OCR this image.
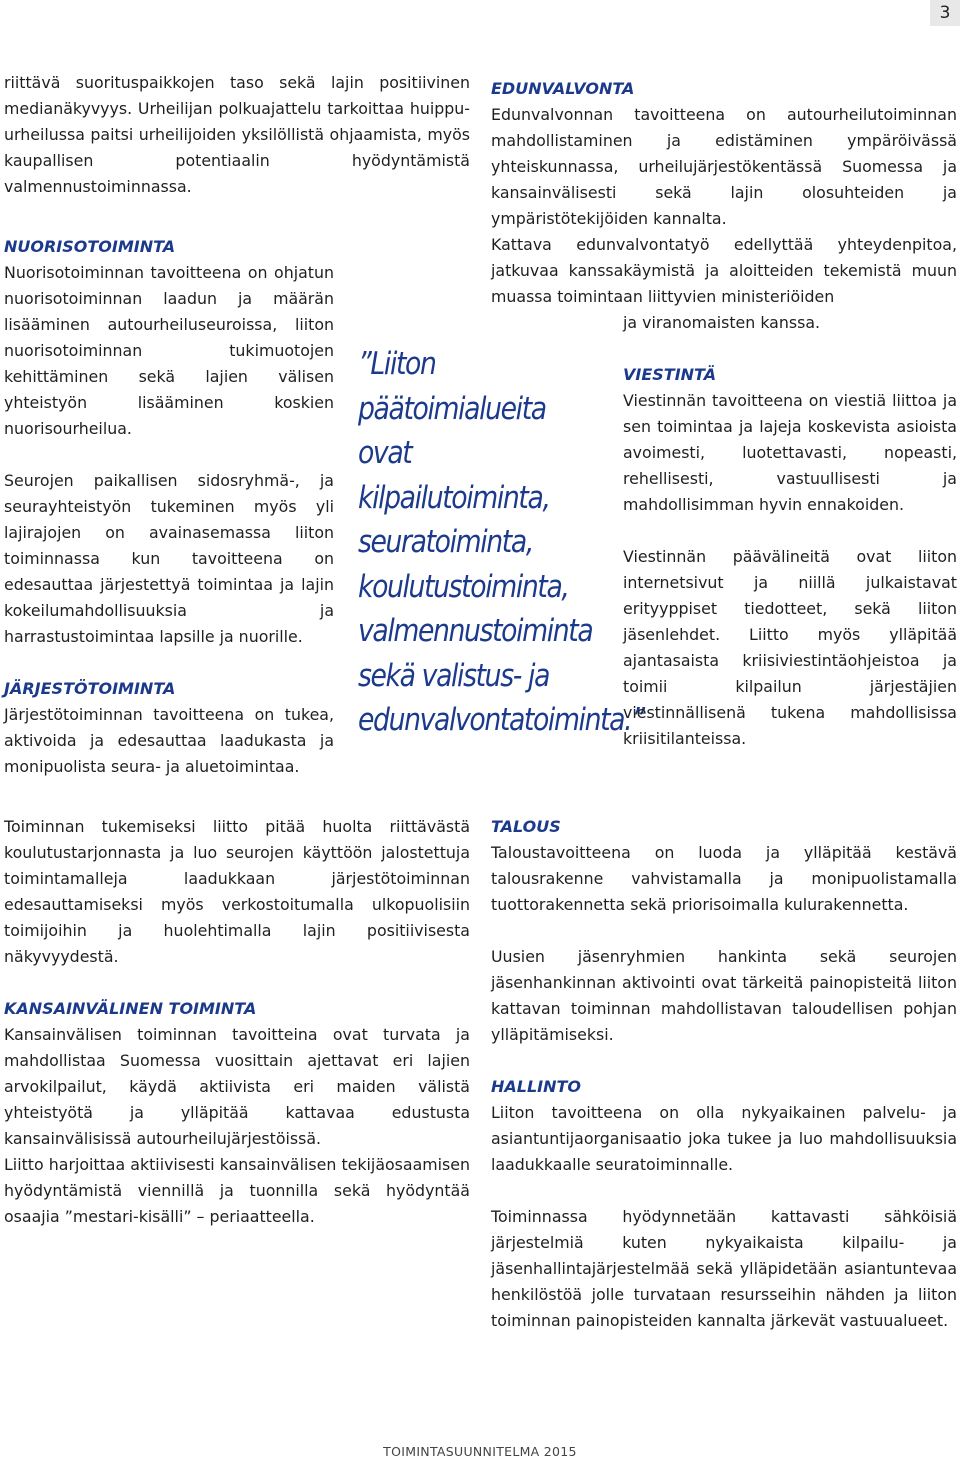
3

riittävä suorituspaikkojen taso sekä lajin positiivinen medianäkyvyys. Urheilijan polkuajattelu tarkoittaa huippu-urheilussa paitsi urheilijoiden yksilöllistä ohjaamista, myös kaupallisen potentiaalin hyödyntämistä valmennustoiminnassa.

NUORISOTOIMINTA

Nuorisotoiminnan tavoitteena on ohjatun nuorisotoiminnan laadun ja määrän lisääminen autourheiluseuroissa, liiton nuorisotoiminnan tukimuotojen kehittäminen sekä lajien välisen yhteistyön lisääminen koskien nuorisourheilua.

Seurojen paikallisen sidosryhmä-, ja seurayhteistyön tukeminen myös yli lajirajojen on avainasemassa liiton toiminnassa kun tavoitteena on edesauttaa järjestettyä toimintaa ja lajin kokeilumahdollisuuksia ja harrastustoimintaa lapsille ja nuorille.

JÄRJESTÖTOIMINTA

Järjestötoiminnan tavoitteena on tukea, aktivoida ja edesauttaa laadukasta ja monipuolista seura- ja aluetoimintaa.

”Liiton päätoimialueita ovat kilpailutoiminta, seuratoiminta, koulutustoiminta, valmennustoiminta sekä valistus- ja edunvalvontatoiminta.”

Toiminnan tukemiseksi liitto pitää huolta riittävästä koulutustarjonnasta ja luo seurojen käyttöön jalostettuja toimintamalleja laadukkaan järjestötoiminnan edesauttamiseksi myös verkostoitumalla ulkopuolisiin toimijoihin ja huolehtimalla lajin positiivisesta näkyvyydestä.

KANSAINVÄLINEN TOIMINTA

Kansainvälisen toiminnan tavoitteina ovat turvata ja mahdollistaa Suomessa vuosittain ajettavat eri lajien arvokilpailut, käydä aktiivista eri maiden välistä yhteistyötä ja ylläpitää kattavaa edustusta kansainvälisissä autourheilujärjestöissä.

Liitto harjoittaa aktiivisesti kansainvälisen tekijäosaamisen hyödyntämistä viennillä ja tuonnilla sekä hyödyntää osaajia ”mestari-kisälli” – periaatteella.

EDUNVALVONTA

Edunvalvonnan tavoitteena on autourheilutoiminnan mahdollistaminen ja edistäminen ympäröivässä yhteiskunnassa, urheilujärjestökentässä Suomessa ja kansainvälisesti sekä lajin olosuhteiden ja ympäristötekijöiden kannalta.

Kattava edunvalvontatyö edellyttää yhteydenpitoa, jatkuvaa kanssakäymistä ja aloitteiden tekemistä muun muassa toimintaan liittyvien ministeriöiden

ja viranomaisten kanssa.

VIESTINTÄ

Viestinnän tavoitteena on viestiä liittoa ja sen toimintaa ja lajeja koskevista asioista avoimesti, luotettavasti, nopeasti, rehellisesti, vastuullisesti ja mahdollisimman hyvin ennakoiden.

Viestinnän päävälineitä ovat liiton internetsivut ja niillä julkaistavat erityyppiset tiedotteet, sekä liiton jäsenlehdet. Liitto myös ylläpitää ajantasaista kriisiviestintäohjeistoa ja toimii kilpailun järjestäjien viestinnällisenä tukena mahdollisissa kriisitilanteissa.

TALOUS

Taloustavoitteena on luoda ja ylläpitää kestävä talousrakenne vahvistamalla ja monipuolistamalla tuottorakennetta sekä priorisoimalla kulurakennetta.

Uusien jäsenryhmien hankinta sekä seurojen jäsenhankinnan aktivointi ovat tärkeitä painopisteitä liiton kattavan toiminnan mahdollistavan taloudellisen pohjan ylläpitämiseksi.

HALLINTO

Liiton tavoitteena on olla nykyaikainen palvelu- ja asiantuntijaorganisaatio joka tukee ja luo mahdollisuuksia laadukkaalle seuratoiminnalle.

Toiminnassa hyödynnetään kattavasti sähköisiä järjestelmiä kuten nykyaikaista kilpailu- ja jäsenhallintajärjestelmää sekä ylläpidetään asiantuntevaa henkilöstöä jolle turvataan resursseihin nähden ja liiton toiminnan painopisteiden kannalta järkevät vastuualueet.

TOIMINTASUUNNITELMA 2015
